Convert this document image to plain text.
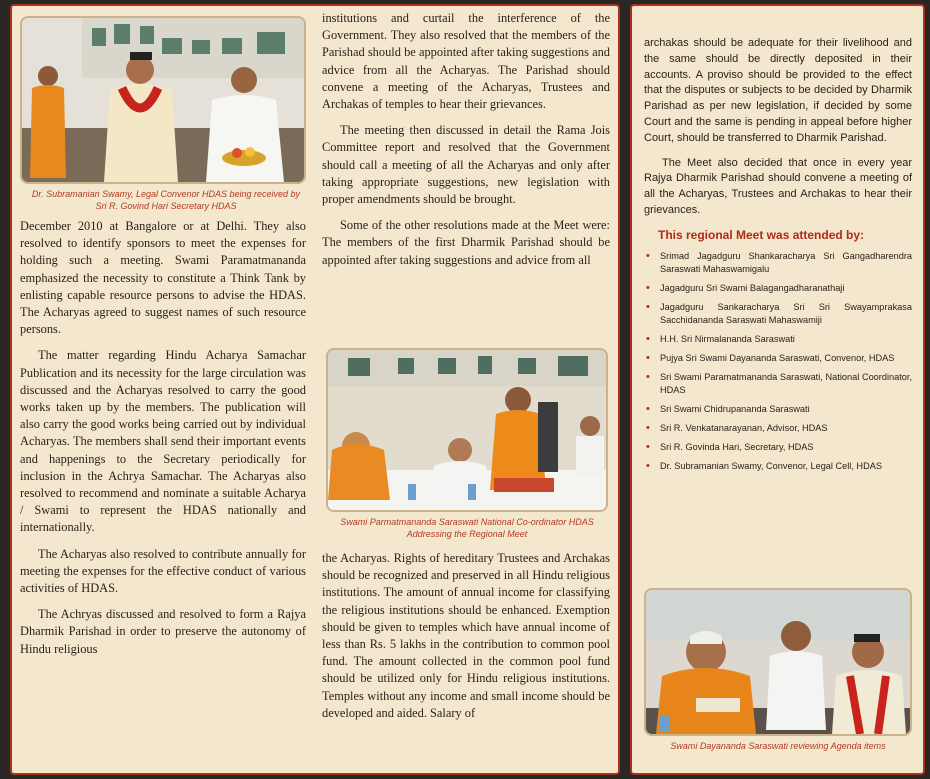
Dr. Subramanian Swamy, Legal Convenor HDAS being received by Sri R. Govind Hari Secretary HDAS

December 2010 at Bangalore or at Delhi. They also resolved to identify sponsors to meet the expenses for holding such a meeting. Swami Paramatmananda emphasized the necessity to constitute a Think Tank by enlisting capable resource persons to advise the HDAS. The Acharyas agreed to suggest names of such resource persons.

The matter regarding Hindu Acharya Samachar Publication and its necessity for the large circulation was discussed and the Acharyas resolved to carry the good works taken up by the members. The publication will also carry the good works being carried out by individual Acharyas. The members shall send their important events and happenings to the Secretary periodically for inclusion in the Achrya Samachar. The Acharyas also resolved to recommend and nominate a suitable Acharya / Swami to represent the HDAS nationally and internationally.

The Acharyas also resolved to contribute annually for meeting the expenses for the effective conduct of various activities of HDAS.

The Achryas discussed and resolved to form a Rajya Dharmik Parishad in order to preserve the autonomy of Hindu religious

institutions and curtail the interference of the Government. They also resolved that the members of the Parishad should be appointed after taking suggestions and advice from all the Acharyas. The Parishad should convene a meeting of the Acharyas, Trustees and Archakas of temples to hear their grievances.

The meeting then discussed in detail the Rama Jois Committee report and resolved that the Government should call a meeting of all the Acharyas and only after taking appropriate suggestions, new legislation with proper amendments should be brought.

Some of the other resolutions made at the Meet were: The members of the first Dharmik Parishad should be appointed after taking suggestions and advice from all

Swami Parmatmananda Saraswati National Co-ordinator HDAS Addressing the Regional Meet

the Acharyas. Rights of hereditary Trustees and Archakas should be recognized and preserved in all Hindu religious institutions. The amount of annual income for classifying the religious institutions should be enhanced. Exemption should be given to temples which have annual income of less than Rs. 5 lakhs in the contribution to common pool fund. The amount collected in the common pool fund should be utilized only for Hindu religious institutions. Temples without any income and small income should be developed and aided. Salary of

archakas should be adequate for their livelihood and the same should be directly deposited in their accounts. A proviso should be provided to the effect that the disputes or subjects to be decided by Dharmik Parishad as per new legislation, if decided by some Court and the same is pending in appeal before higher Court, should be transferred to Dharmik Parishad.

The Meet also decided that once in every year Rajya Dharmik Parishad should convene a meeting of all the Acharyas, Trustees and Archakas to hear their grievances.

This regional Meet was attended by:
• Srimad Jagadguru Shankaracharya Sri Gangadharendra Saraswati Mahaswamigalu
• Jagadguru Sri Swami Balagangadharanathaji
• Jagadguru Sankaracharya Sri Sri Swayamprakasa Sacchidananda Saraswati Mahaswamiji
• H.H. Sri Nirmalananda Saraswati
• Pujya Sri Swami Dayananda Saraswati, Convenor, HDAS
• Sri Swami Paramatmananda Saraswati, National Coordinator, HDAS
• Sri Swami Chidrupananda Saraswati
• Sri R. Venkatanarayanan, Advisor, HDAS
• Sri R. Govinda Hari, Secretary, HDAS
• Dr. Subramanian Swamy, Convenor, Legal Cell, HDAS
Swami Dayananda Saraswati reviewing Agenda items
